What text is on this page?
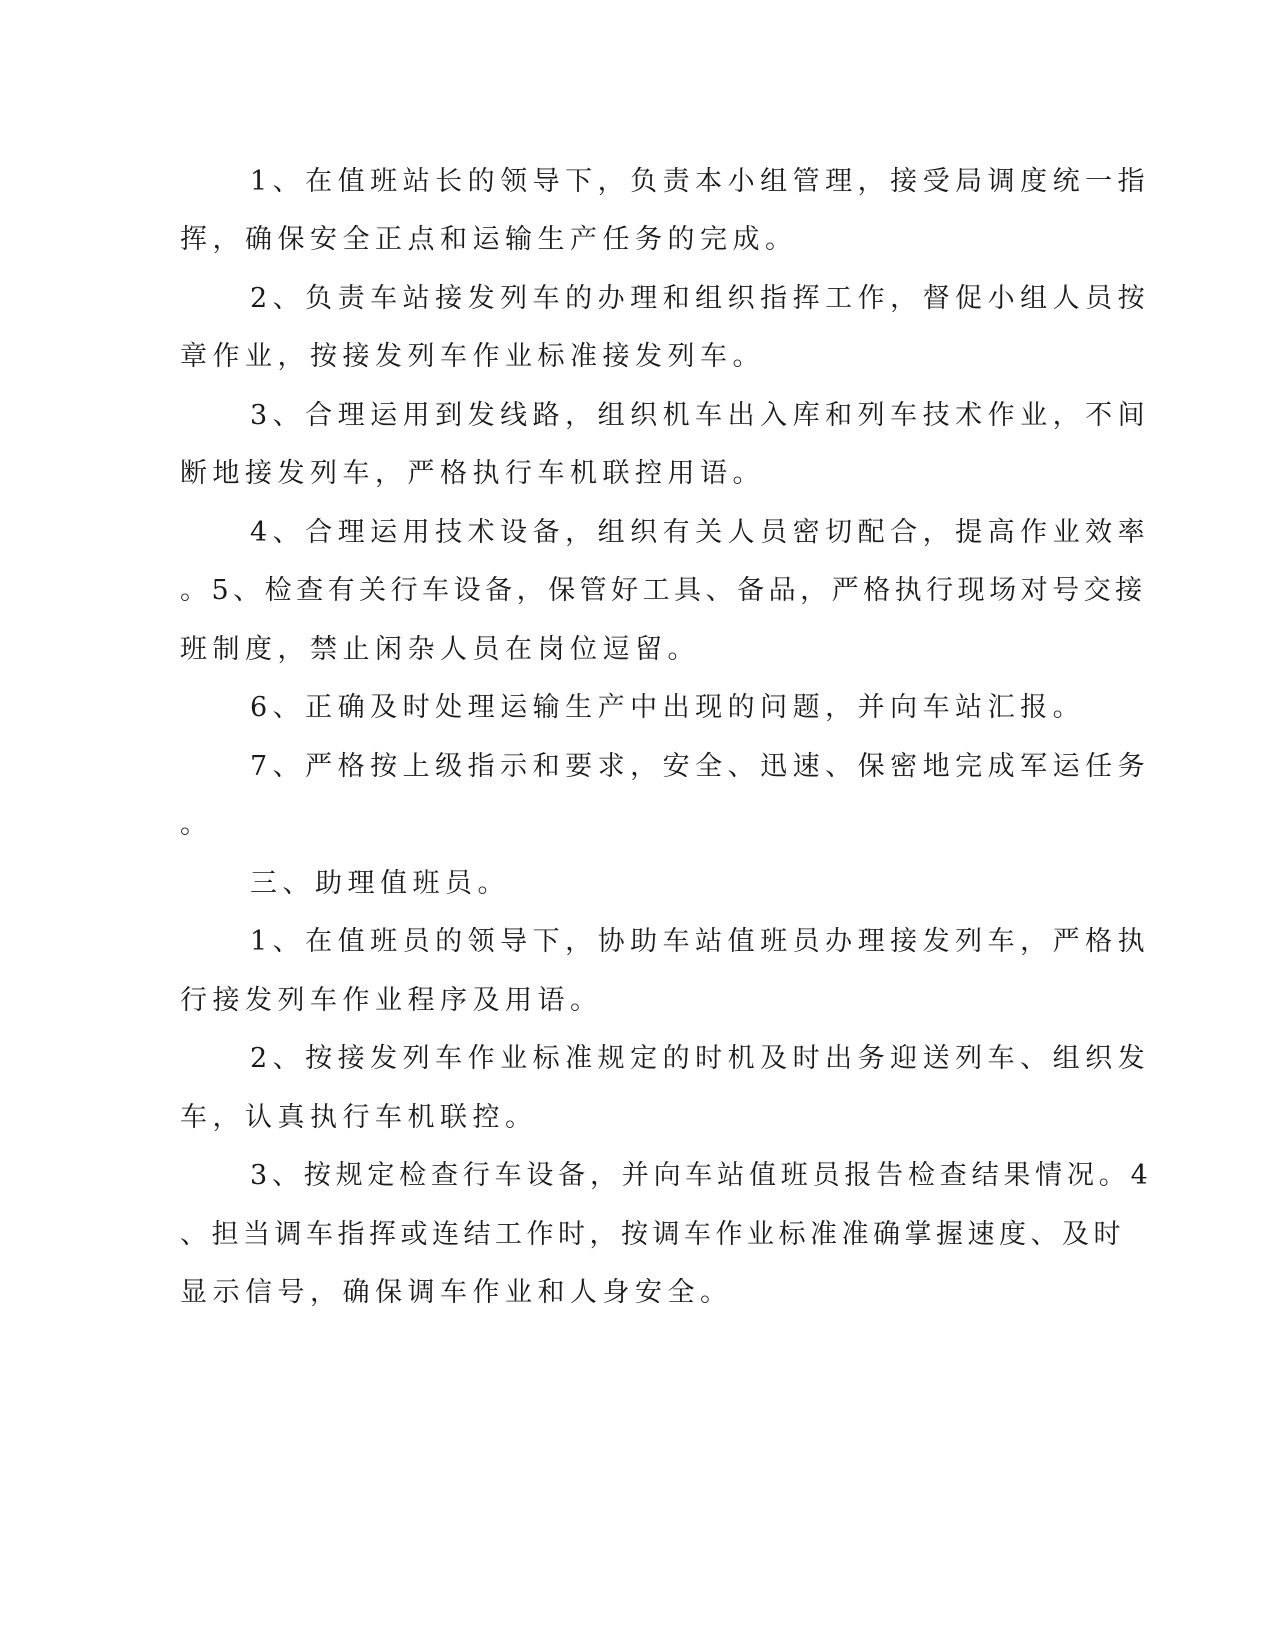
1、在值班站长的领导下，负责本小组管理，接受局调度统一指
挥，确保安全正点和运输生产任务的完成。
2、负责车站接发列车的办理和组织指挥工作，督促小组人员按
章作业，按接发列车作业标准接发列车。
3、合理运用到发线路，组织机车出入库和列车技术作业，不间
断地接发列车，严格执行车机联控用语。
4、合理运用技术设备，组织有关人员密切配合，提高作业效率
。5、检查有关行车设备，保管好工具、备品，严格执行现场对号交接
班制度，禁止闲杂人员在岗位逗留。
6、正确及时处理运输生产中出现的问题，并向车站汇报。
7、严格按上级指示和要求，安全、迅速、保密地完成军运任务
。
三、助理值班员。
1、在值班员的领导下，协助车站值班员办理接发列车，严格执
行接发列车作业程序及用语。
2、按接发列车作业标准规定的时机及时出务迎送列车、组织发
车，认真执行车机联控。
3、按规定检查行车设备，并向车站值班员报告检查结果情况。4
、担当调车指挥或连结工作时，按调车作业标准准确掌握速度、及时
显示信号，确保调车作业和人身安全。
